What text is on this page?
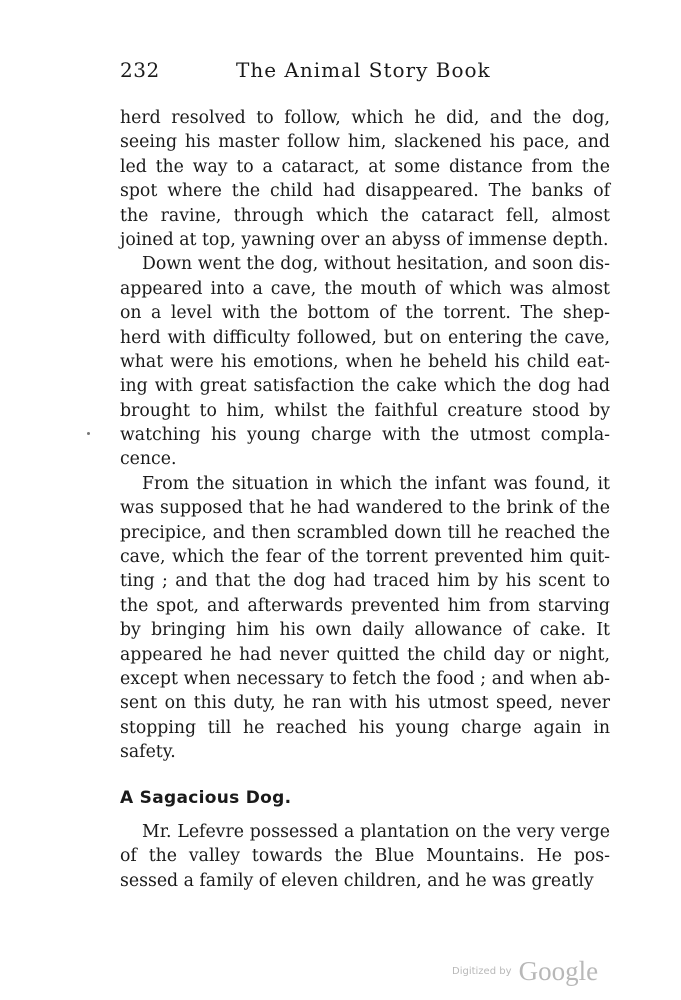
232	The Animal Story Book
herd resolved to follow, which he did, and the dog,
seeing his master follow him, slackened his pace, and
led the way to a cataract, at some distance from the
spot where the child had disappeared. The banks of
the ravine, through which the cataract fell, almost
joined at top, yawning over an abyss of immense depth.
Down went the dog, without hesitation, and soon dis-
appeared into a cave, the mouth of which was almost
on a level with the bottom of the torrent. The shep-
herd with difficulty followed, but on entering the cave,
what were his emotions, when he beheld his child eat-
ing with great satisfaction the cake which the dog had
brought to him, whilst the faithful creature stood by
watching his young charge with the utmost compla-
cence.
From the situation in which the infant was found, it
was supposed that he had wandered to the brink of the
precipice, and then scrambled down till he reached the
cave, which the fear of the torrent prevented him quit-
ting ; and that the dog had traced him by his scent to
the spot, and afterwards prevented him from starving
by bringing him his own daily allowance of cake. It
appeared he had never quitted the child day or night,
except when necessary to fetch the food ; and when ab-
sent on this duty, he ran with his utmost speed, never
stopping till he reached his young charge again in
safety.
A Sagacious Dog.
Mr. Lefevre possessed a plantation on the very verge
of the valley towards the Blue Mountains. He pos-
sessed a family of eleven children, and he was greatly
Digitized by Google
